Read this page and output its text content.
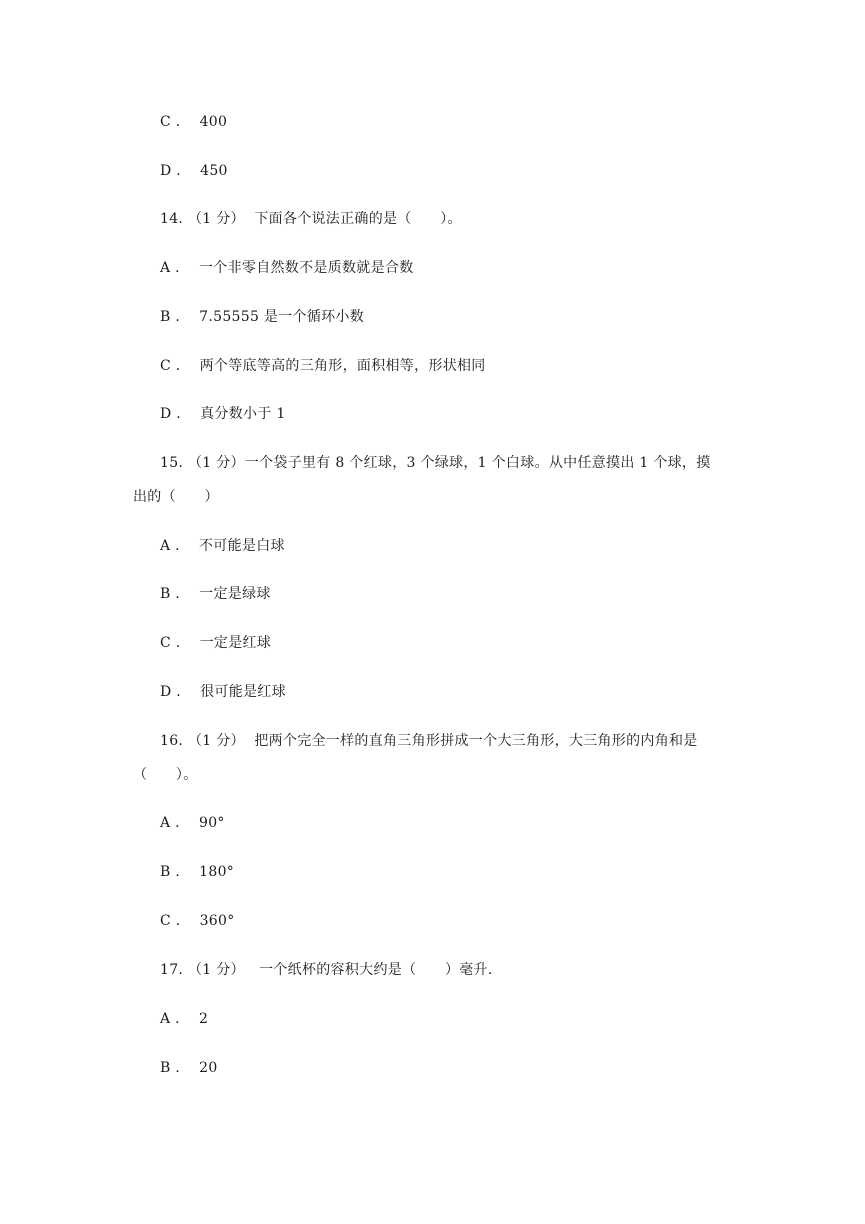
C ． 400
D ． 450
14. （1 分） 下面各个说法正确的是（　　）。
A ． 一个非零自然数不是质数就是合数
B ． 7.55555 是一个循环小数
C ． 两个等底等高的三角形，面积相等，形状相同
D ． 真分数小于 1
15. （1 分）一个袋子里有 8 个红球，3 个绿球，1 个白球。从中任意摸出 1 个球，摸
出的（　　）
A ． 不可能是白球
B ． 一定是绿球
C ． 一定是红球
D ． 很可能是红球
16. （1 分） 把两个完全一样的直角三角形拼成一个大三角形，大三角形的内角和是
（　　）。
A ． 90°
B ． 180°
C ． 360°
17. （1 分） 一个纸杯的容积大约是（　　）毫升.
A ． 2
B ． 20
